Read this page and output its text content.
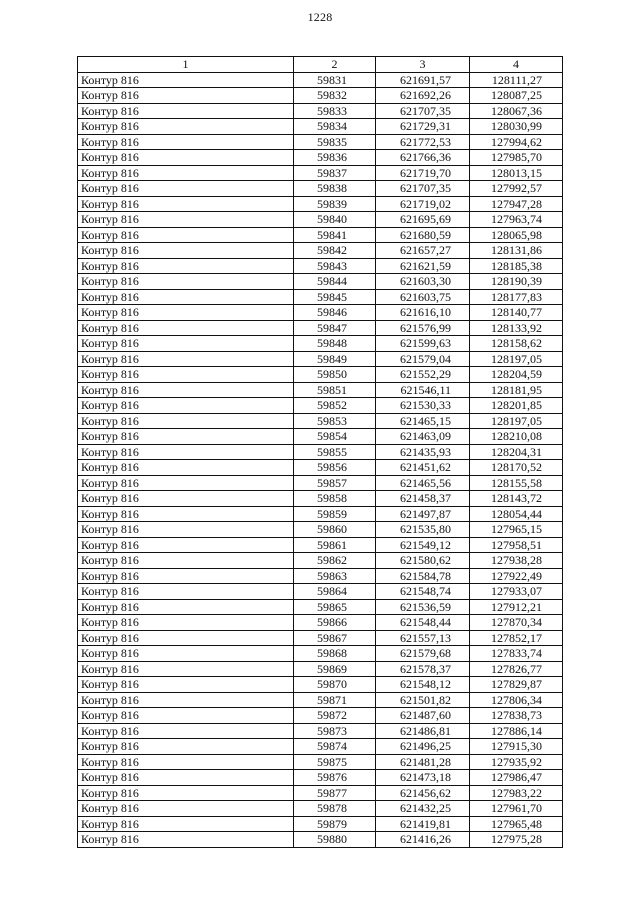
1228
1	2	3	4
Контур 816	59831	621691,57	128111,27
Контур 816	59832	621692,26	128087,25
Контур 816	59833	621707,35	128067,36
Контур 816	59834	621729,31	128030,99
Контур 816	59835	621772,53	127994,62
Контур 816	59836	621766,36	127985,70
Контур 816	59837	621719,70	128013,15
Контур 816	59838	621707,35	127992,57
Контур 816	59839	621719,02	127947,28
Контур 816	59840	621695,69	127963,74
Контур 816	59841	621680,59	128065,98
Контур 816	59842	621657,27	128131,86
Контур 816	59843	621621,59	128185,38
Контур 816	59844	621603,30	128190,39
Контур 816	59845	621603,75	128177,83
Контур 816	59846	621616,10	128140,77
Контур 816	59847	621576,99	128133,92
Контур 816	59848	621599,63	128158,62
Контур 816	59849	621579,04	128197,05
Контур 816	59850	621552,29	128204,59
Контур 816	59851	621546,11	128181,95
Контур 816	59852	621530,33	128201,85
Контур 816	59853	621465,15	128197,05
Контур 816	59854	621463,09	128210,08
Контур 816	59855	621435,93	128204,31
Контур 816	59856	621451,62	128170,52
Контур 816	59857	621465,56	128155,58
Контур 816	59858	621458,37	128143,72
Контур 816	59859	621497,87	128054,44
Контур 816	59860	621535,80	127965,15
Контур 816	59861	621549,12	127958,51
Контур 816	59862	621580,62	127938,28
Контур 816	59863	621584,78	127922,49
Контур 816	59864	621548,74	127933,07
Контур 816	59865	621536,59	127912,21
Контур 816	59866	621548,44	127870,34
Контур 816	59867	621557,13	127852,17
Контур 816	59868	621579,68	127833,74
Контур 816	59869	621578,37	127826,77
Контур 816	59870	621548,12	127829,87
Контур 816	59871	621501,82	127806,34
Контур 816	59872	621487,60	127838,73
Контур 816	59873	621486,81	127886,14
Контур 816	59874	621496,25	127915,30
Контур 816	59875	621481,28	127935,92
Контур 816	59876	621473,18	127986,47
Контур 816	59877	621456,62	127983,22
Контур 816	59878	621432,25	127961,70
Контур 816	59879	621419,81	127965,48
Контур 816	59880	621416,26	127975,28
